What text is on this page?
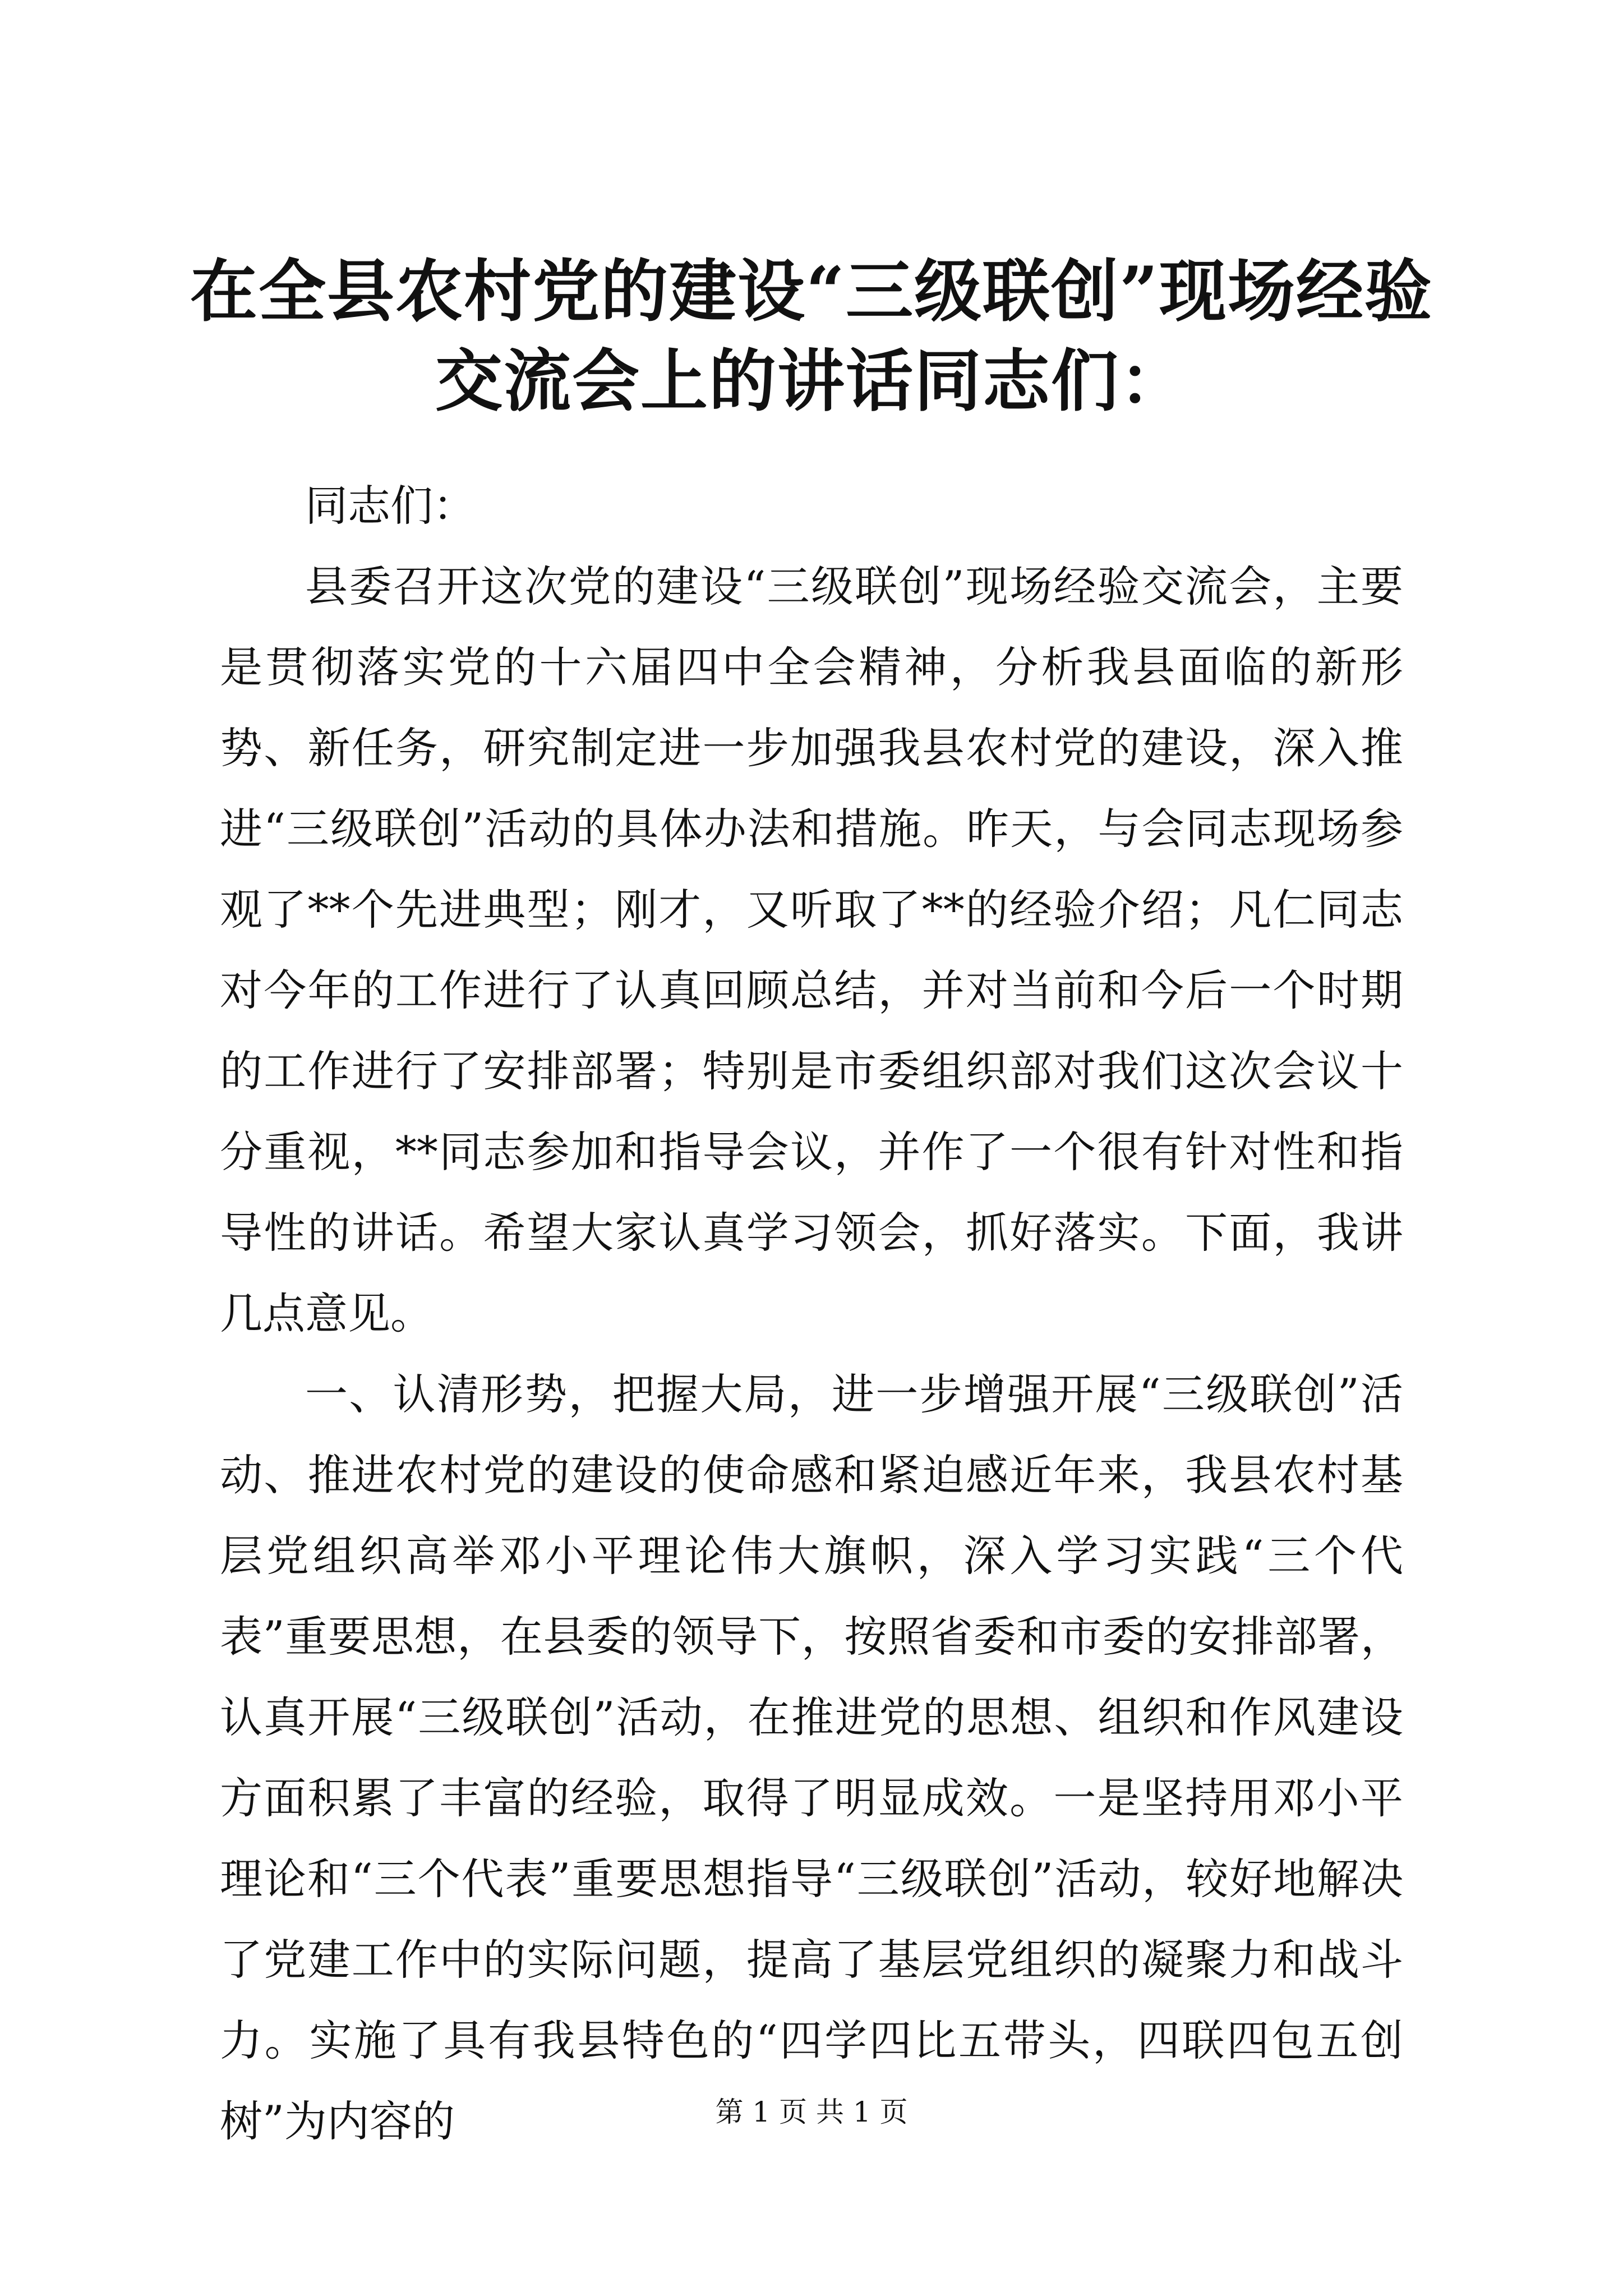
在全县农村党的建设“三级联创”现场经验交流会上的讲话同志们：

同志们：

县委召开这次党的建设“三级联创”现场经验交流会，主要是贯彻落实党的十六届四中全会精神，分析我县面临的新形势、新任务，研究制定进一步加强我县农村党的建设，深入推进“三级联创”活动的具体办法和措施。昨天，与会同志现场参观了**个先进典型；刚才，又听取了**的经验介绍；凡仁同志对今年的工作进行了认真回顾总结，并对当前和今后一个时期的工作进行了安排部署；特别是市委组织部对我们这次会议十分重视，**同志参加和指导会议，并作了一个很有针对性和指导性的讲话。希望大家认真学习领会，抓好落实。下面，我讲几点意见。

一、认清形势，把握大局，进一步增强开展“三级联创”活动、推进农村党的建设的使命感和紧迫感近年来，我县农村基层党组织高举邓小平理论伟大旗帜，深入学习实践“三个代表”重要思想，在县委的领导下，按照省委和市委的安排部署，认真开展“三级联创”活动，在推进党的思想、组织和作风建设方面积累了丰富的经验，取得了明显成效。一是坚持用邓小平理论和“三个代表”重要思想指导“三级联创”活动，较好地解决了党建工作中的实际问题，提高了基层党组织的凝聚力和战斗力。实施了具有我县特色的“四学四比五带头，四联四包五创树”为内容的	第 1 页 共 1 页
